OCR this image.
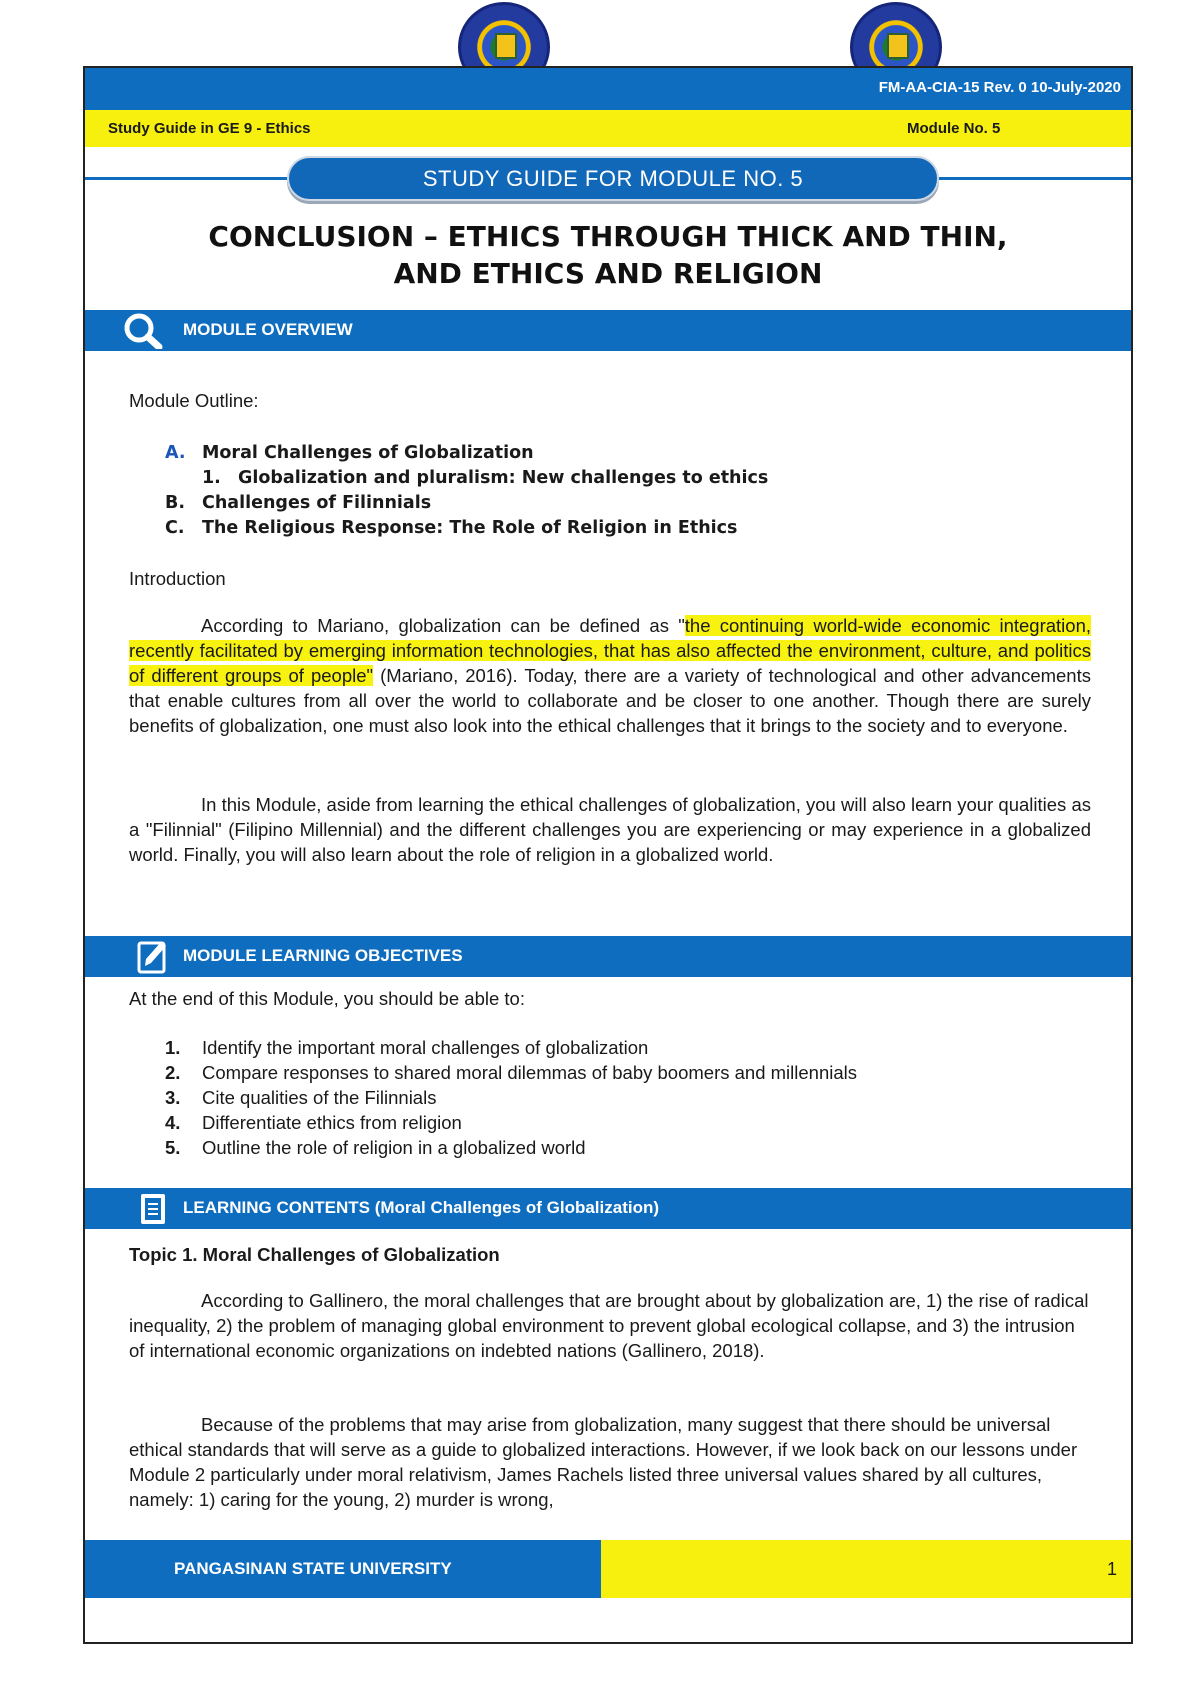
FM-AA-CIA-15 Rev. 0 10-July-2020
Study Guide in GE 9 - Ethics	Module No. 5
STUDY GUIDE FOR MODULE NO. 5
CONCLUSION – ETHICS THROUGH THICK AND THIN,
AND ETHICS AND RELIGION
MODULE OVERVIEW
Module Outline:
A. Moral Challenges of Globalization
1. Globalization and pluralism: New challenges to ethics
B. Challenges of Filinnials
C. The Religious Response: The Role of Religion in Ethics
Introduction
According to Mariano, globalization can be defined as "the continuing world-wide economic integration, recently facilitated by emerging information technologies, that has also affected the environment, culture, and politics of different groups of people" (Mariano, 2016). Today, there are a variety of technological and other advancements that enable cultures from all over the world to collaborate and be closer to one another. Though there are surely benefits of globalization, one must also look into the ethical challenges that it brings to the society and to everyone.
In this Module, aside from learning the ethical challenges of globalization, you will also learn your qualities as a "Filinnial" (Filipino Millennial) and the different challenges you are experiencing or may experience in a globalized world. Finally, you will also learn about the role of religion in a globalized world.
MODULE LEARNING OBJECTIVES
At the end of this Module, you should be able to:
1. Identify the important moral challenges of globalization
2. Compare responses to shared moral dilemmas of baby boomers and millennials
3. Cite qualities of the Filinnials
4. Differentiate ethics from religion
5. Outline the role of religion in a globalized world
LEARNING CONTENTS (Moral Challenges of Globalization)
Topic 1. Moral Challenges of Globalization
According to Gallinero, the moral challenges that are brought about by globalization are, 1) the rise of radical inequality, 2) the problem of managing global environment to prevent global ecological collapse, and 3) the intrusion of international economic organizations on indebted nations (Gallinero, 2018).
Because of the problems that may arise from globalization, many suggest that there should be universal ethical standards that will serve as a guide to globalized interactions. However, if we look back on our lessons under Module 2 particularly under moral relativism, James Rachels listed three universal values shared by all cultures, namely: 1) caring for the young, 2) murder is wrong,
PANGASINAN STATE UNIVERSITY	1
